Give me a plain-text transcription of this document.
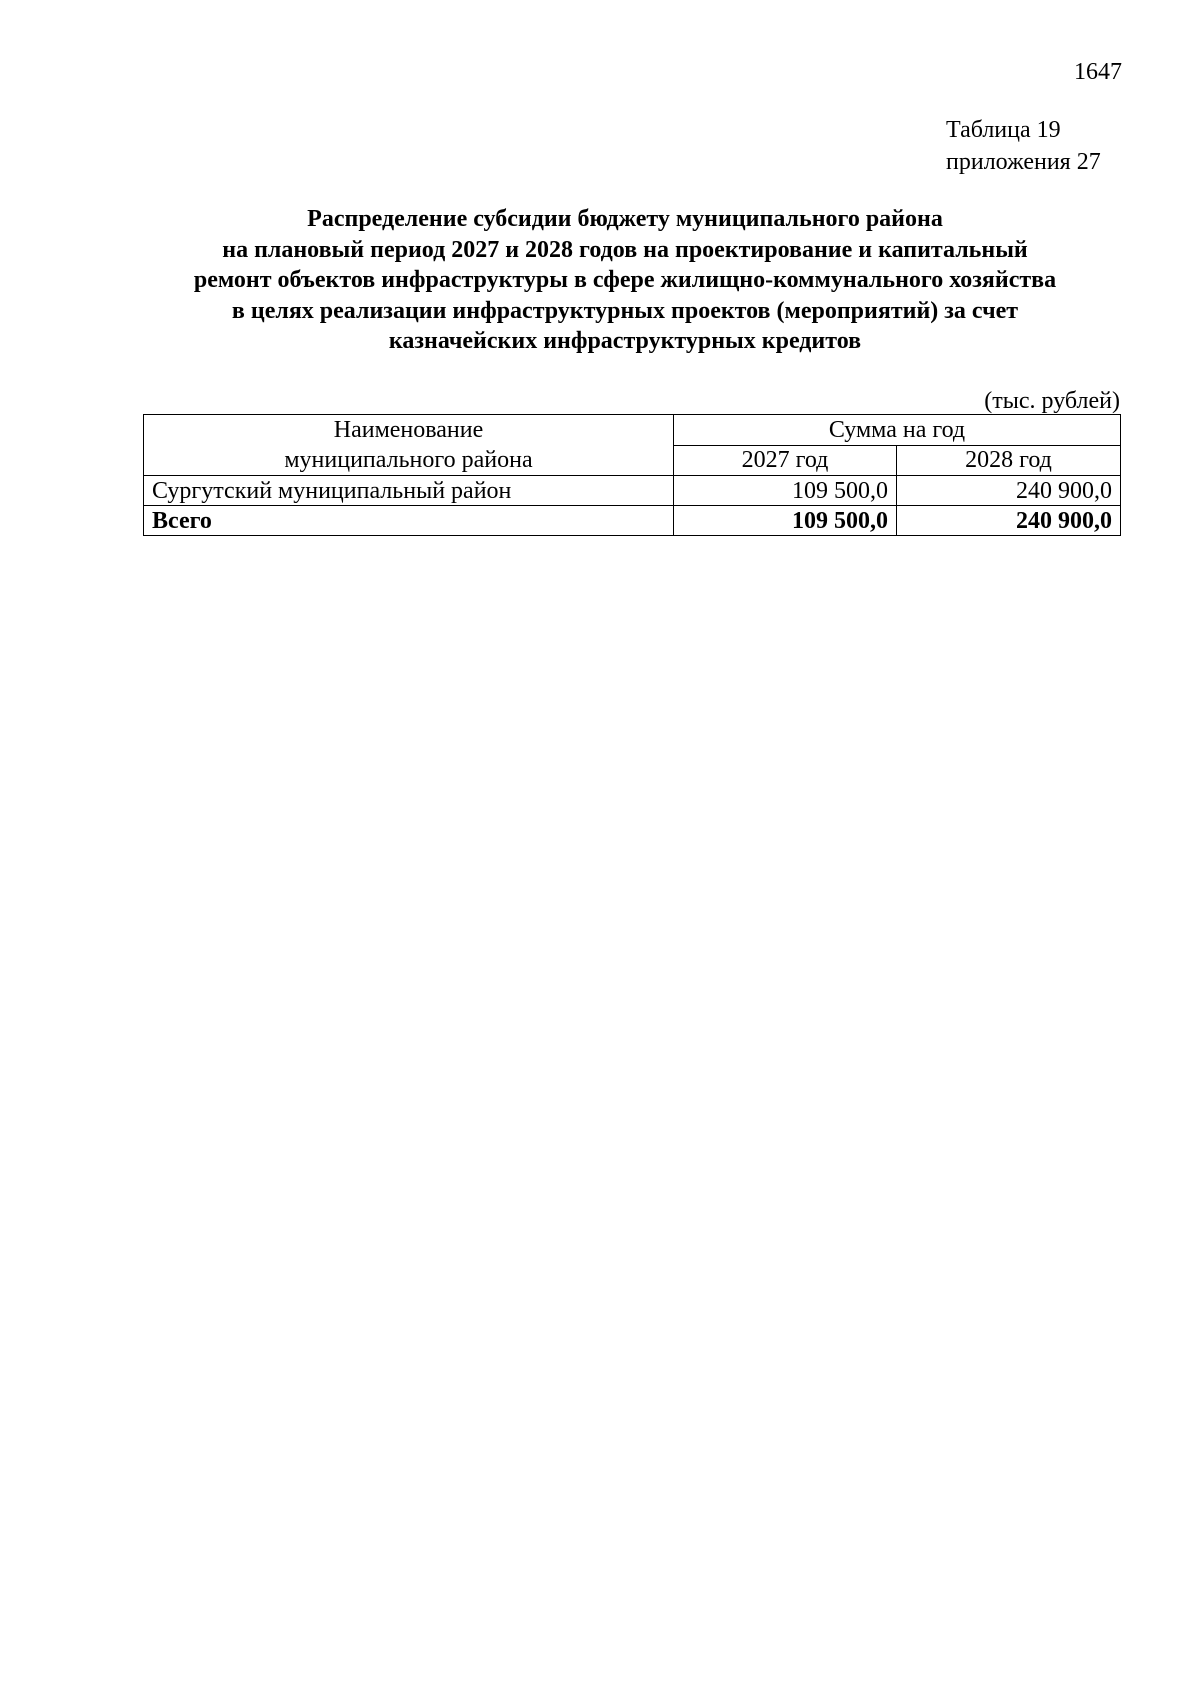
1647
Таблица 19
приложения 27
Распределение субсидии бюджету муниципального района
на плановый период 2027 и 2028 годов на проектирование и капитальный
ремонт объектов инфраструктуры в сфере жилищно-коммунального хозяйства
в целях реализации инфраструктурных проектов (мероприятий) за счет
казначейских инфраструктурных кредитов
(тыс. рублей)
Наименование
муниципального района	Сумма на год	
	2027 год	2028 год
Сургутский муниципальный район	109 500,0	240 900,0
Всего	109 500,0	240 900,0
